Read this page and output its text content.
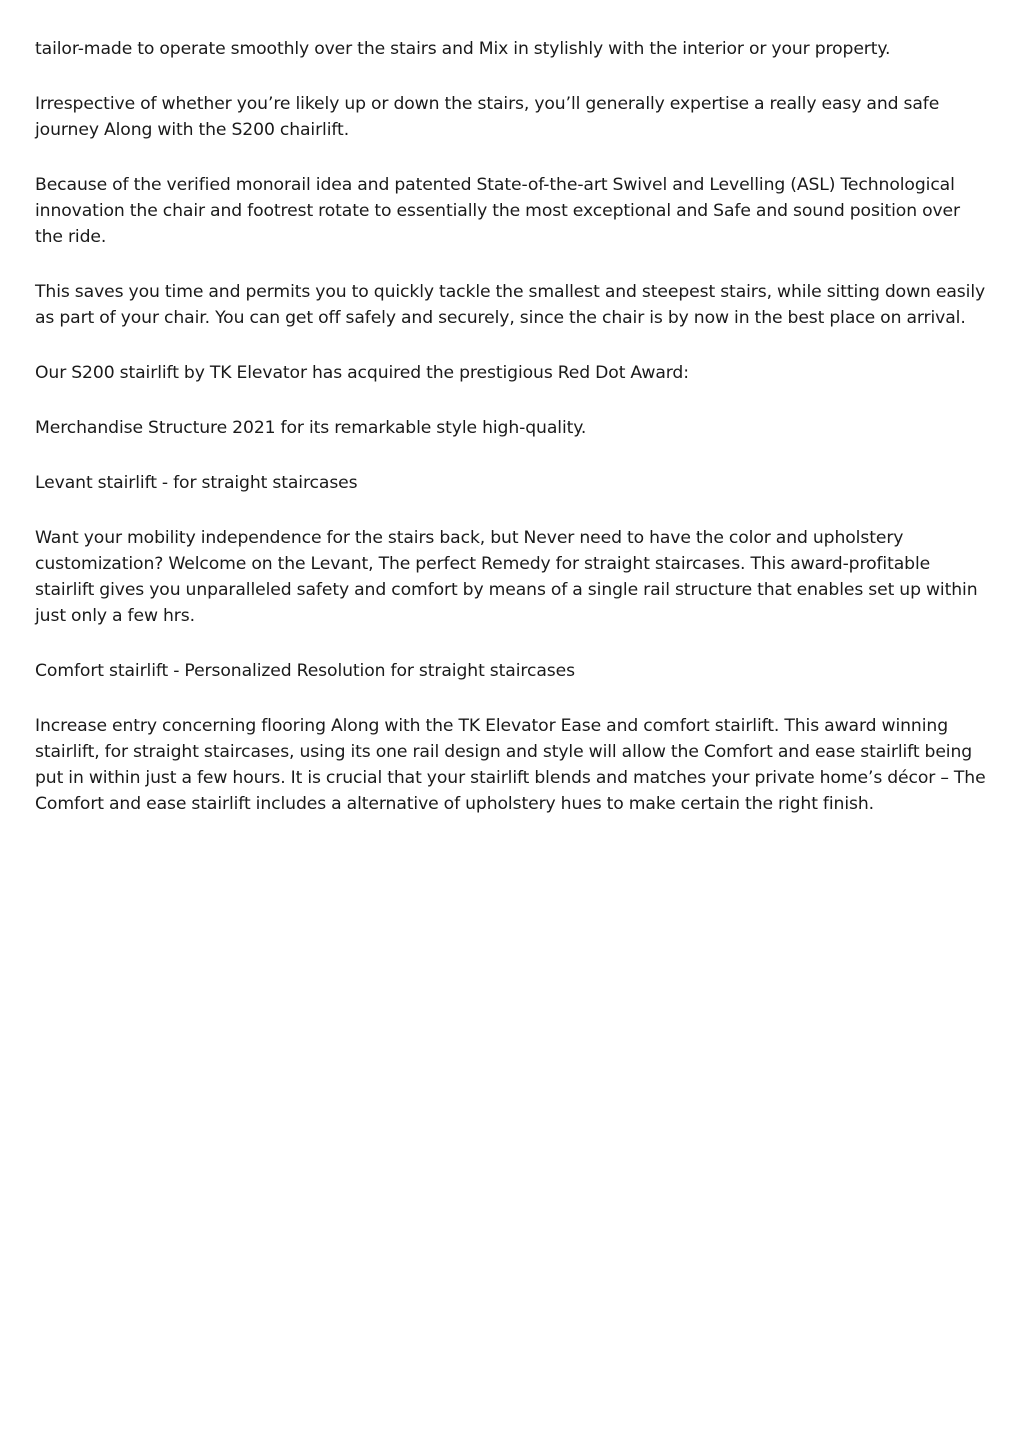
tailor-made to operate smoothly over the stairs and Mix in stylishly with the interior or your property.

Irrespective of whether you’re likely up or down the stairs, you’ll generally expertise a really easy and safe journey Along with the S200 chairlift.

Because of the verified monorail idea and patented State-of-the-art Swivel and Levelling (ASL) Technological innovation the chair and footrest rotate to essentially the most exceptional and Safe and sound position over the ride.

This saves you time and permits you to quickly tackle the smallest and steepest stairs, while sitting down easily as part of your chair. You can get off safely and securely, since the chair is by now in the best place on arrival.

Our S200 stairlift by TK Elevator has acquired the prestigious Red Dot Award:

Merchandise Structure 2021 for its remarkable style high-quality.

Levant stairlift - for straight staircases

Want your mobility independence for the stairs back, but Never need to have the color and upholstery customization? Welcome on the Levant, The perfect Remedy for straight staircases. This award-profitable stairlift gives you unparalleled safety and comfort by means of a single rail structure that enables set up within just only a few hrs.

Comfort stairlift - Personalized Resolution for straight staircases

Increase entry concerning flooring Along with the TK Elevator Ease and comfort stairlift. This award winning stairlift, for straight staircases, using its one rail design and style will allow the Comfort and ease stairlift being put in within just a few hours. It is crucial that your stairlift blends and matches your private home’s décor – The Comfort and ease stairlift includes a alternative of upholstery hues to make certain the right finish.
